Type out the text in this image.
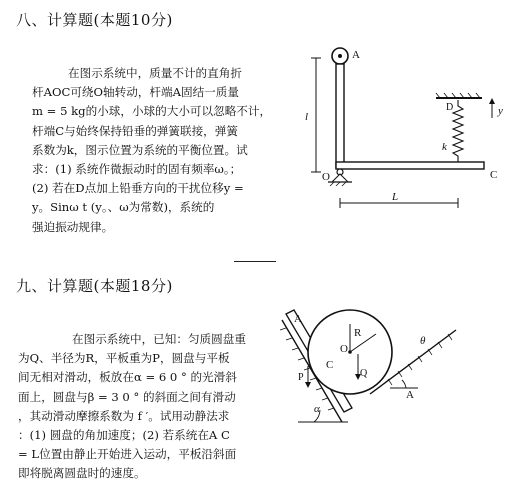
八、计算题(本题10分)
在图示系统中，质量不计的直角折
杆AOC可绕O轴转动，杆端A固结一质量
m = 5 kg的小球，小球的大小可以忽略不计，
杆端C与始终保持铅垂的弹簧联接，弹簧
系数为k，图示位置为系统的平衡位置。试
求：(1) 系统作微振动时的固有频率ω。；
(2) 若在D点加上铅垂方向的干扰位移y =
y。Sinω t (y。、ω为常数)，系统的
强迫振动规律。
l
A
O	C
D
k
y
L
九、计算题(本题18分)
在图示系统中，已知：匀质圆盘重
为Q、半径为R，平板重为P，圆盘与平板
间无相对滑动，板放在α = 6 0 ° 的光滑斜
面上，圆盘与β = 3 0 ° 的斜面之间有滑动
，其动滑动摩擦系数为 f ′。试用动静法求
：(1) 圆盘的角加速度；(2) 若系统在A C
= L位置由静止开始进入运动，平板沿斜面
即将脱离圆盘时的速度。
A
α
R
O
C
Q
P
θ
A
